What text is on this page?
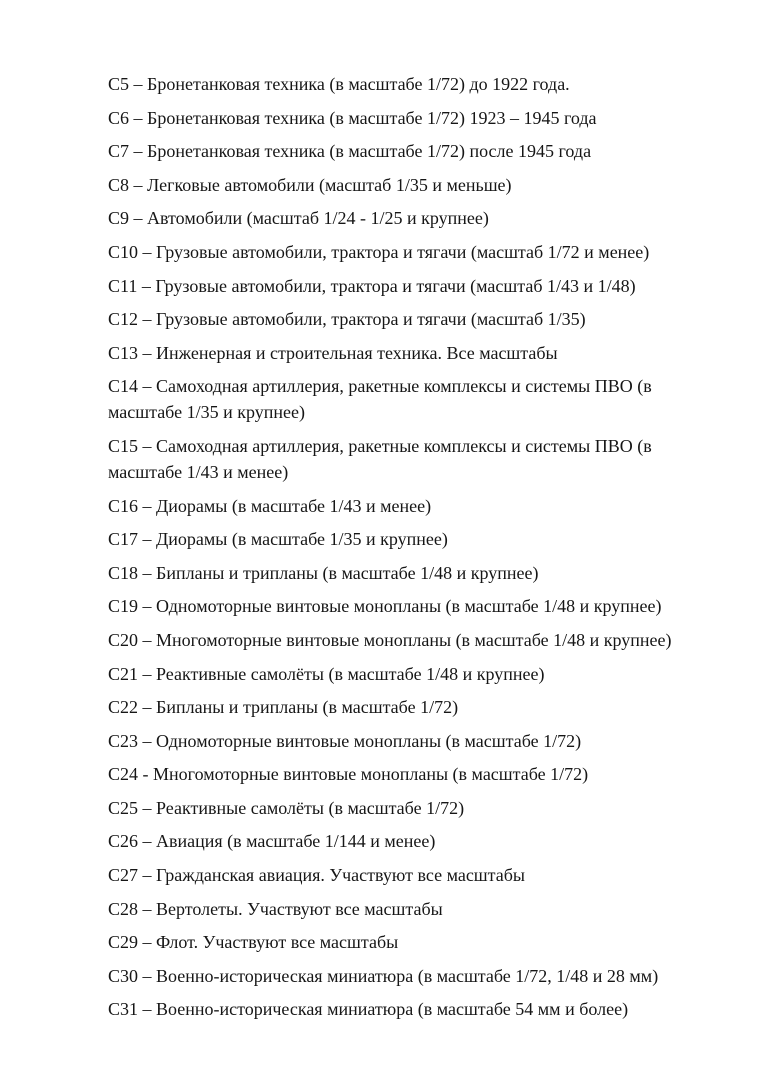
С5 – Бронетанковая техника (в масштабе 1/72) до 1922 года.

С6 – Бронетанковая техника (в масштабе 1/72) 1923 – 1945 года

С7 – Бронетанковая техника (в масштабе 1/72) после 1945 года

С8 – Легковые автомобили (масштаб 1/35 и меньше)

С9 – Автомобили (масштаб 1/24 - 1/25 и крупнее)

С10 – Грузовые автомобили, трактора и тягачи (масштаб 1/72 и менее)

С11 – Грузовые автомобили, трактора и тягачи (масштаб 1/43 и 1/48)

С12 – Грузовые автомобили, трактора и тягачи (масштаб 1/35)

С13 – Инженерная и строительная техника. Все масштабы

С14 – Самоходная артиллерия, ракетные комплексы и системы ПВО (в масштабе 1/35 и крупнее)

С15 – Самоходная артиллерия, ракетные комплексы и системы ПВО (в масштабе 1/43 и менее)

С16 – Диорамы (в масштабе 1/43 и менее)

С17 – Диорамы (в масштабе 1/35 и крупнее)

С18 – Бипланы и трипланы (в масштабе 1/48 и крупнее)

С19 – Одномоторные винтовые монопланы (в масштабе 1/48 и крупнее)

С20 – Многомоторные винтовые монопланы (в масштабе 1/48 и крупнее)

С21 – Реактивные самолёты (в масштабе 1/48 и крупнее)

С22 – Бипланы и трипланы (в масштабе 1/72)

С23 – Одномоторные винтовые монопланы (в масштабе 1/72)

С24 - Многомоторные винтовые монопланы (в масштабе 1/72)

С25 – Реактивные самолёты (в масштабе 1/72)

С26 – Авиация (в масштабе 1/144 и менее)

С27 – Гражданская авиация. Участвуют все масштабы

С28 – Вертолеты. Участвуют все масштабы

С29 – Флот. Участвуют все масштабы

С30 – Военно-историческая миниатюра (в масштабе 1/72, 1/48 и 28 мм)

С31 – Военно-историческая миниатюра (в масштабе 54 мм и более)
